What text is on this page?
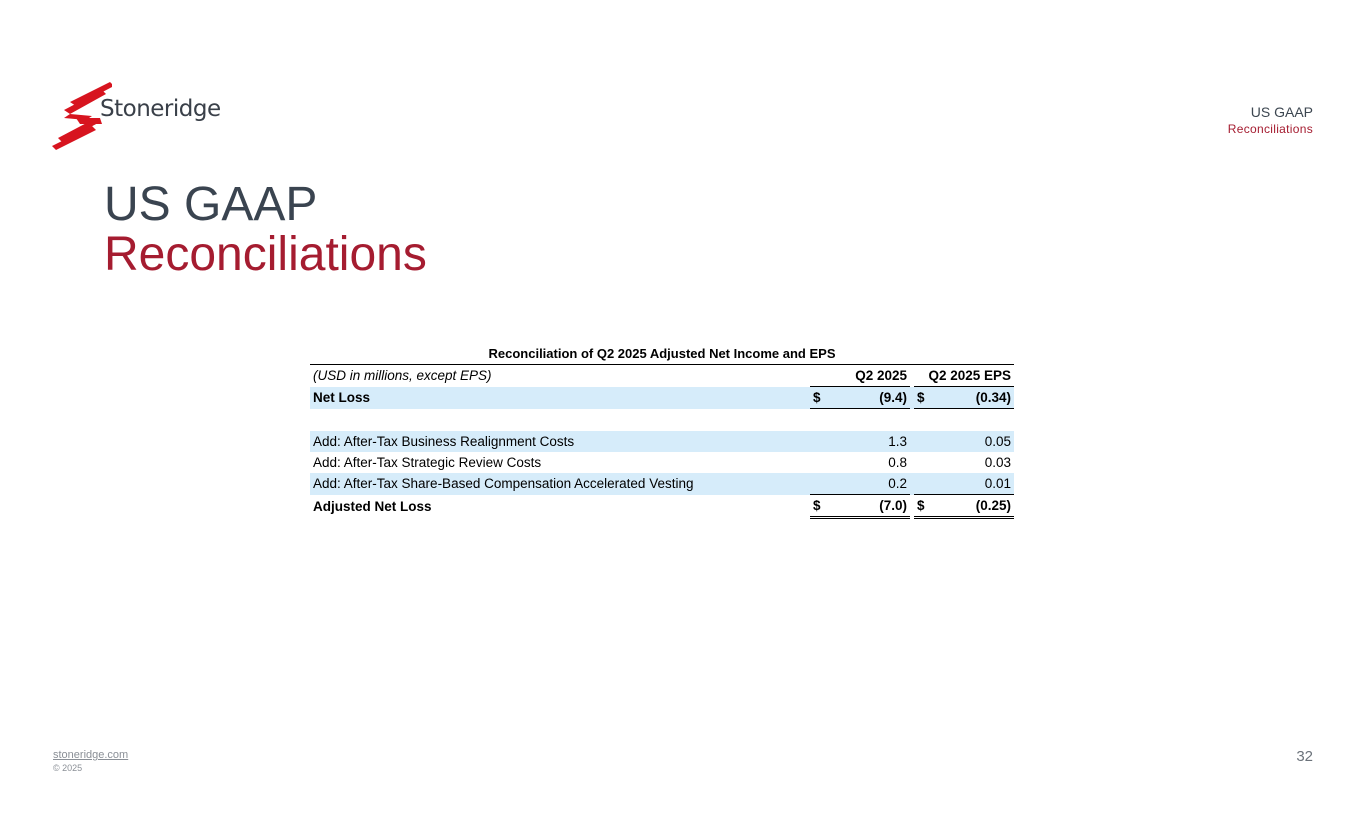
Stoneridge	US GAAP
Reconciliations
US GAAP
Reconciliations
Reconciliation of Q2 2025 Adjusted Net Income and EPS
(USD in millions, except EPS)	Q2 2025			Q2 2025 EPS	
Net Loss	$	(9.4)		$	(0.34)

Add: After-Tax Business Realignment Costs		1.3			0.05
Add: After-Tax Strategic Review Costs		0.8			0.03
Add: After-Tax Share-Based Compensation Accelerated Vesting		0.2			0.01
Adjusted Net Loss	$	(7.0)		$	(0.25)
stoneridge.com
© 2025
32
